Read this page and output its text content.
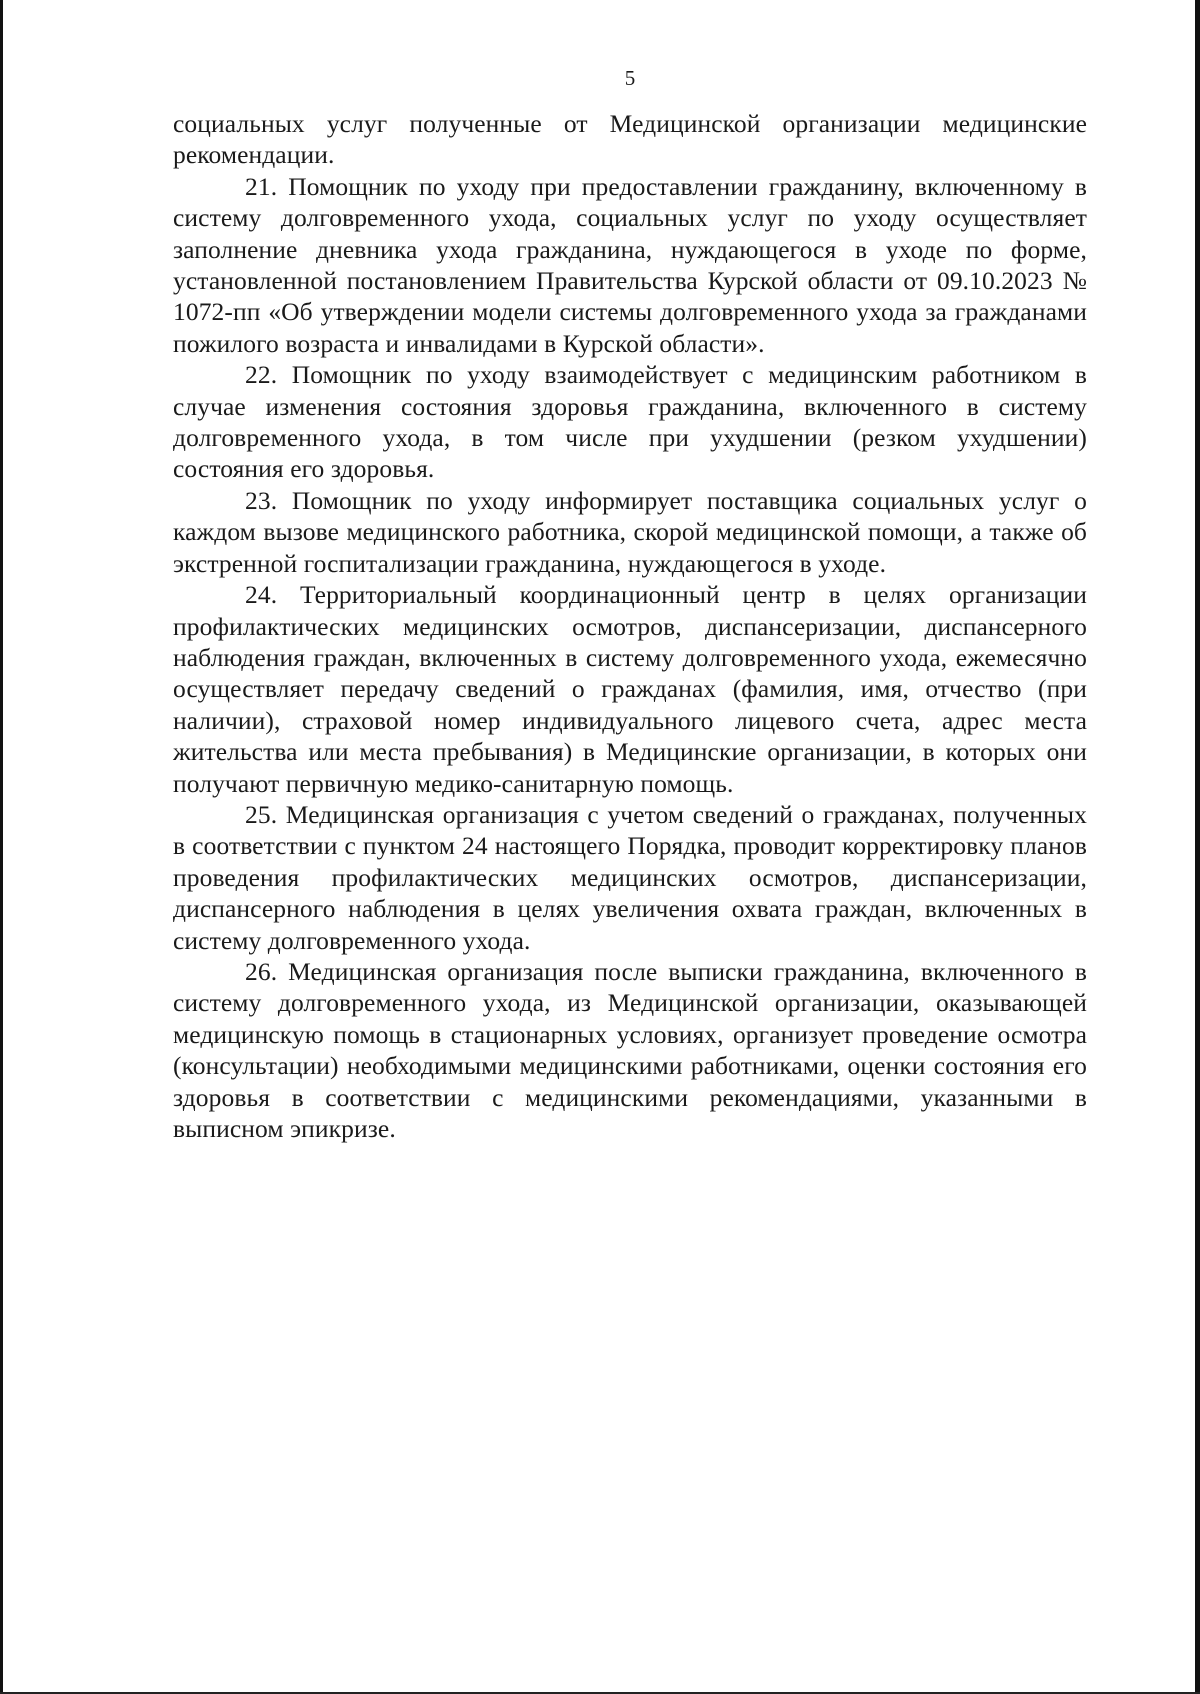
5

социальных услуг полученные от Медицинской организации медицинские рекомендации.

21. Помощник по уходу при предоставлении гражданину, включенному в систему долговременного ухода, социальных услуг по уходу осуществляет заполнение дневника ухода гражданина, нуждающегося в уходе по форме, установленной постановлением Правительства Курской области от 09.10.2023 № 1072-пп «Об утверждении модели системы долговременного ухода за гражданами пожилого возраста и инвалидами в Курской области».

22. Помощник по уходу взаимодействует с медицинским работником в случае изменения состояния здоровья гражданина, включенного в систему долговременного ухода, в том числе при ухудшении (резком ухудшении) состояния его здоровья.

23. Помощник по уходу информирует поставщика социальных услуг о каждом вызове медицинского работника, скорой медицинской помощи, а также об экстренной госпитализации гражданина, нуждающегося в уходе.

24. Территориальный координационный центр в целях организации профилактических медицинских осмотров, диспансеризации, диспансерного наблюдения граждан, включенных в систему долговременного ухода, ежемесячно осуществляет передачу сведений о гражданах (фамилия, имя, отчество (при наличии), страховой номер индивидуального лицевого счета, адрес места жительства или места пребывания) в Медицинские организации, в которых они получают первичную медико-санитарную помощь.

25. Медицинская организация с учетом сведений о гражданах, полученных в соответствии с пунктом 24 настоящего Порядка, проводит корректировку планов проведения профилактических медицинских осмотров, диспансеризации, диспансерного наблюдения в целях увеличения охвата граждан, включенных в систему долговременного ухода.

26. Медицинская организация после выписки гражданина, включенного в систему долговременного ухода, из Медицинской организации, оказывающей медицинскую помощь в стационарных условиях, организует проведение осмотра (консультации) необходимыми медицинскими работниками, оценки состояния его здоровья в соответствии с медицинскими рекомендациями, указанными в выписном эпикризе.
